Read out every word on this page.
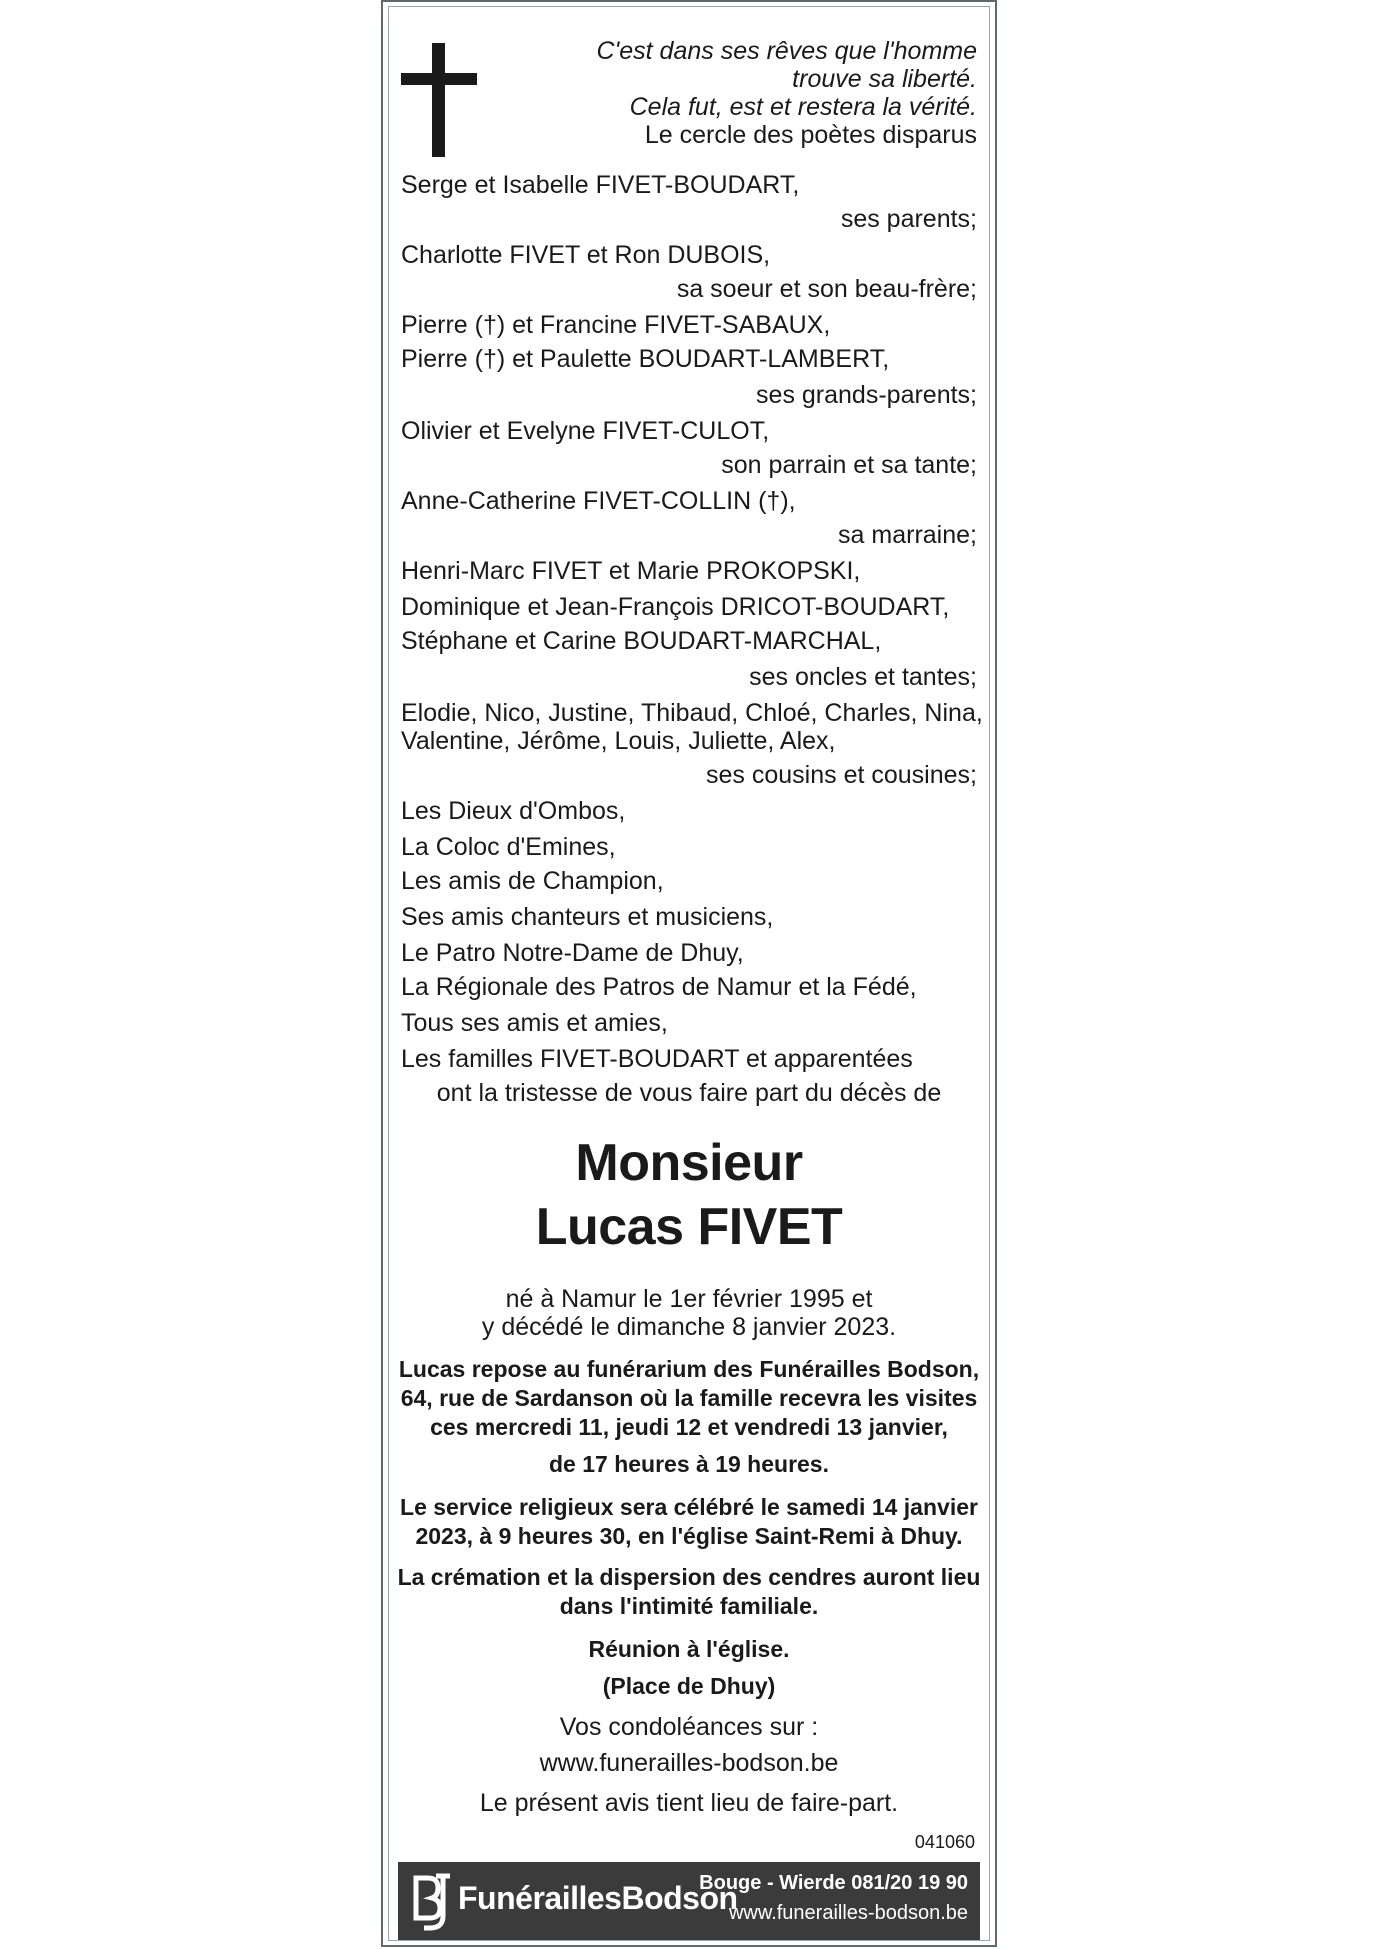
C'est dans ses rêves que l'homme
trouve sa liberté.
Cela fut, est et restera la vérité.
Le cercle des poètes disparus
Serge et Isabelle FIVET-BOUDART,
ses parents;
Charlotte FIVET et Ron DUBOIS,
sa soeur et son beau-frère;
Pierre (†) et Francine FIVET-SABAUX,
Pierre (†) et Paulette BOUDART-LAMBERT,
ses grands-parents;
Olivier et Evelyne FIVET-CULOT,
son parrain et sa tante;
Anne-Catherine FIVET-COLLIN (†),
sa marraine;
Henri-Marc FIVET et Marie PROKOPSKI,
Dominique et Jean-François DRICOT-BOUDART,
Stéphane et Carine BOUDART-MARCHAL,
ses oncles et tantes;
Elodie, Nico, Justine, Thibaud, Chloé, Charles, Nina,
Valentine, Jérôme, Louis, Juliette, Alex,
ses cousins et cousines;
Les Dieux d'Ombos,
La Coloc d'Emines,
Les amis de Champion,
Ses amis chanteurs et musiciens,
Le Patro Notre-Dame de Dhuy,
La Régionale des Patros de Namur et la Fédé,
Tous ses amis et amies,
Les familles FIVET-BOUDART et apparentées
ont la tristesse de vous faire part du décès de
Monsieur
Lucas FIVET
né à Namur le 1er février 1995 et
y décédé le dimanche 8 janvier 2023.
Lucas repose au funérarium des Funérailles Bodson,
64, rue de Sardanson où la famille recevra les visites
ces mercredi 11, jeudi 12 et vendredi 13 janvier,
de 17 heures à 19 heures.
Le service religieux sera célébré le samedi 14 janvier
2023, à 9 heures 30, en l'église Saint-Remi à Dhuy.
La crémation et la dispersion des cendres auront lieu
dans l'intimité familiale.
Réunion à l'église.
(Place de Dhuy)
Vos condoléances sur :
www.funerailles-bodson.be
Le présent avis tient lieu de faire-part.
041060
FunéraillesBodson
Bouge - Wierde 081/20 19 90
www.funerailles-bodson.be
